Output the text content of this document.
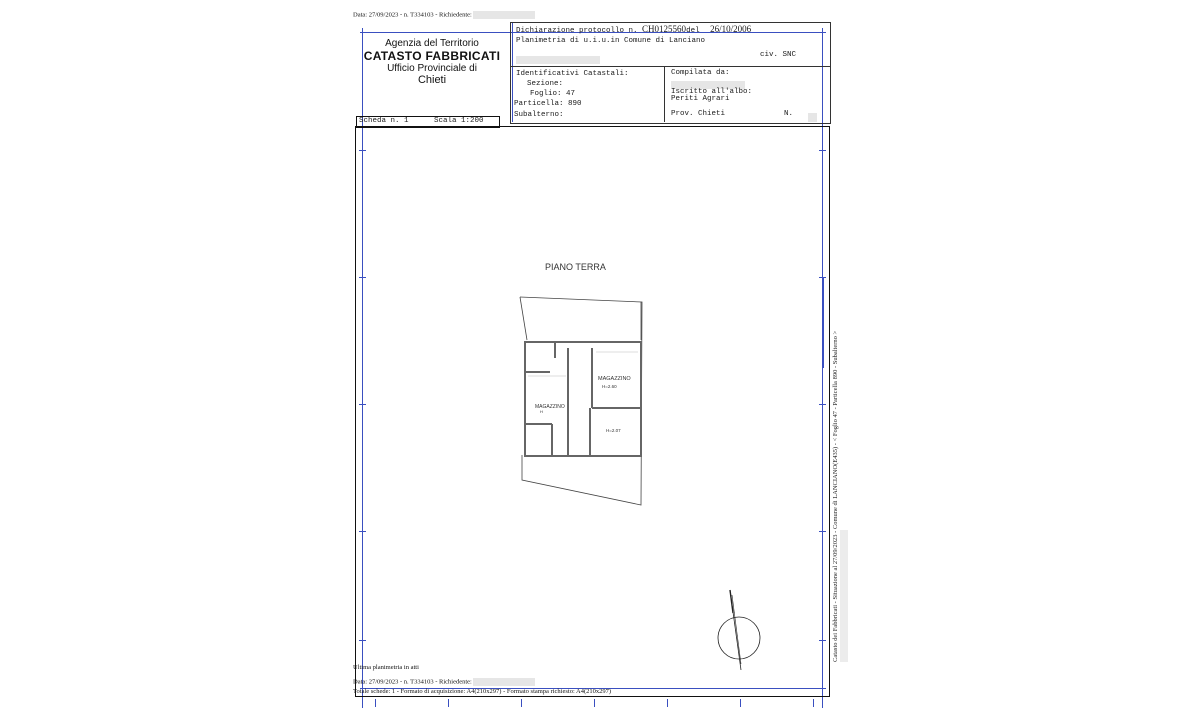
Data: 27/09/2023 - n. T334103 - Richiedente:
Agenzia del Territorio
CATASTO FABBRICATI
Ufficio Provinciale di
Chieti
Dichiarazione protocollo n. CH0125560del 26/10/2006
Planimetria di u.i.u.in Comune di Lanciano
civ. SNC
Identificativi Catastali:
Sezione:
Foglio: 47
Particella: 890
Subalterno:
Compilata da:
Iscritto all'albo:
Periti Agrari
Prov. Chieti	N.
Scheda n. 1	Scala 1:200
PIANO TERRA
MAGAZZINO
H=2.60
MAGAZZINO
H
H=2.07
Ultima planimetria in atti
Data: 27/09/2023 - n. T334103 - Richiedente:
Totale schede: 1 - Formato di acquisizione: A4(210x297) - Formato stampa richiesto: A4(210x297)
Catasto dei Fabbricati - Situazione al 27/09/2023 - Comune di LANCIANO(E435) - < Foglio 47 - Particella 890 - Subalterno >
